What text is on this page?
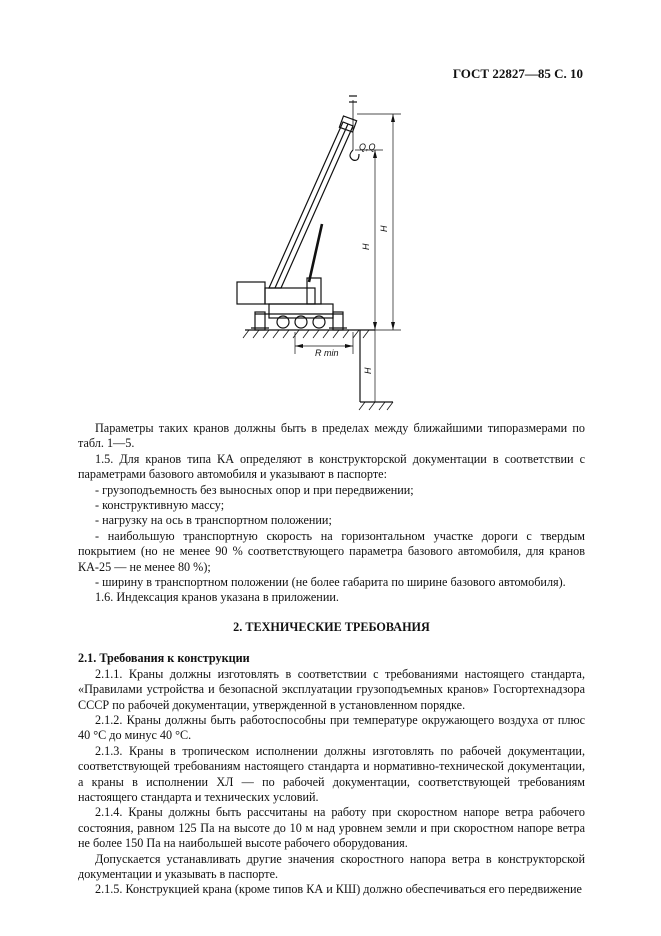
ГОСТ 22827—85 С. 10
Q,Q
H
H
R min
H

Параметры таких кранов должны быть в пределах между ближайшими типоразмерами по табл. 1—5.

1.5. Для кранов типа КА определяют в конструкторской документации в соответствии с параметрами базового автомобиля и указывают в паспорте:

- грузоподъемность без выносных опор и при передвижении;

- конструктивную массу;

- нагрузку на ось в транспортном положении;

- наибольшую транспортную скорость на горизонтальном участке дороги с твердым покрытием (но не менее 90 % соответствующего параметра базового автомобиля, для кранов КА-25 — не менее 80 %);

- ширину в транспортном положении (не более габарита по ширине базового автомобиля).

1.6. Индексация кранов указана в приложении.

2. ТЕХНИЧЕСКИЕ ТРЕБОВАНИЯ

2.1. Требования к конструкции

2.1.1. Краны должны изготовлять в соответствии с требованиями настоящего стандарта, «Правилами устройства и безопасной эксплуатации грузоподъемных кранов» Госгортехнадзора СССР по рабочей документации, утвержденной в установленном порядке.

2.1.2. Краны должны быть работоспособны при температуре окружающего воздуха от плюс 40 °С до минус 40 °С.

2.1.3. Краны в тропическом исполнении должны изготовлять по рабочей документации, соответствующей требованиям настоящего стандарта и нормативно-технической документации, а краны в исполнении ХЛ — по рабочей документации, соответствующей требованиям настоящего стандарта и технических условий.

2.1.4. Краны должны быть рассчитаны на работу при скоростном напоре ветра рабочего состояния, равном 125 Па на высоте до 10 м над уровнем земли и при скоростном напоре ветра не более 150 Па на наибольшей высоте рабочего оборудования.

Допускается устанавливать другие значения скоростного напора ветра в конструкторской документации и указывать в паспорте.

2.1.5. Конструкцией крана (кроме типов КА и КШ) должно обеспечиваться его передвижение
